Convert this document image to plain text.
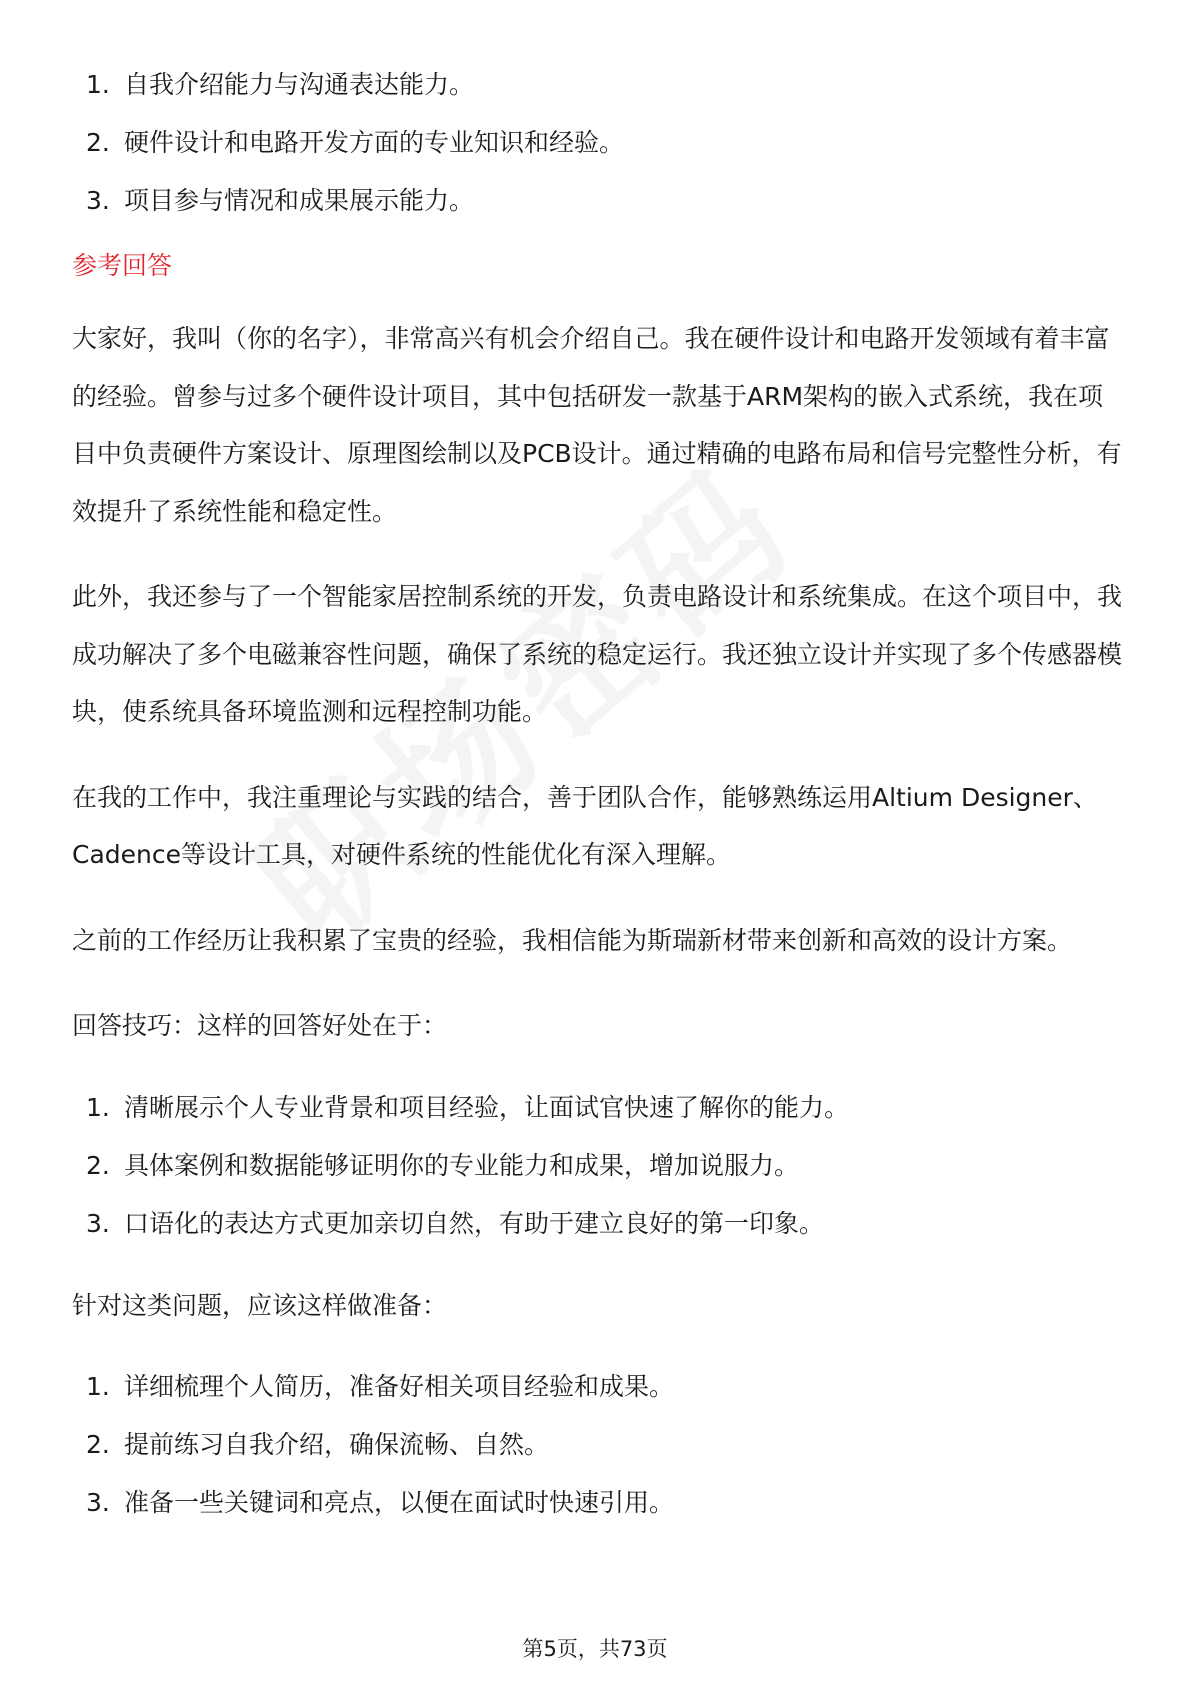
1. 自我介绍能力与沟通表达能力。
2. 硬件设计和电路开发方面的专业知识和经验。
3. 项目参与情况和成果展示能力。
参考回答

大家好，我叫（你的名字），非常高兴有机会介绍自己。我在硬件设计和电路开发领域有着丰富的经验。曾参与过多个硬件设计项目，其中包括研发一款基于ARM架构的嵌入式系统，我在项目中负责硬件方案设计、原理图绘制以及PCB设计。通过精确的电路布局和信号完整性分析，有效提升了系统性能和稳定性。

此外，我还参与了一个智能家居控制系统的开发，负责电路设计和系统集成。在这个项目中，我成功解决了多个电磁兼容性问题，确保了系统的稳定运行。我还独立设计并实现了多个传感器模块，使系统具备环境监测和远程控制功能。

在我的工作中，我注重理论与实践的结合，善于团队合作，能够熟练运用Altium Designer、Cadence等设计工具，对硬件系统的性能优化有深入理解。

之前的工作经历让我积累了宝贵的经验，我相信能为斯瑞新材带来创新和高效的设计方案。

回答技巧：这样的回答好处在于：

1. 清晰展示个人专业背景和项目经验，让面试官快速了解你的能力。
2. 具体案例和数据能够证明你的专业能力和成果，增加说服力。
3. 口语化的表达方式更加亲切自然，有助于建立良好的第一印象。

针对这类问题，应该这样做准备：

1. 详细梳理个人简历，准备好相关项目经验和成果。
2. 提前练习自我介绍，确保流畅、自然。
3. 准备一些关键词和亮点，以便在面试时快速引用。
第5页，共73页
